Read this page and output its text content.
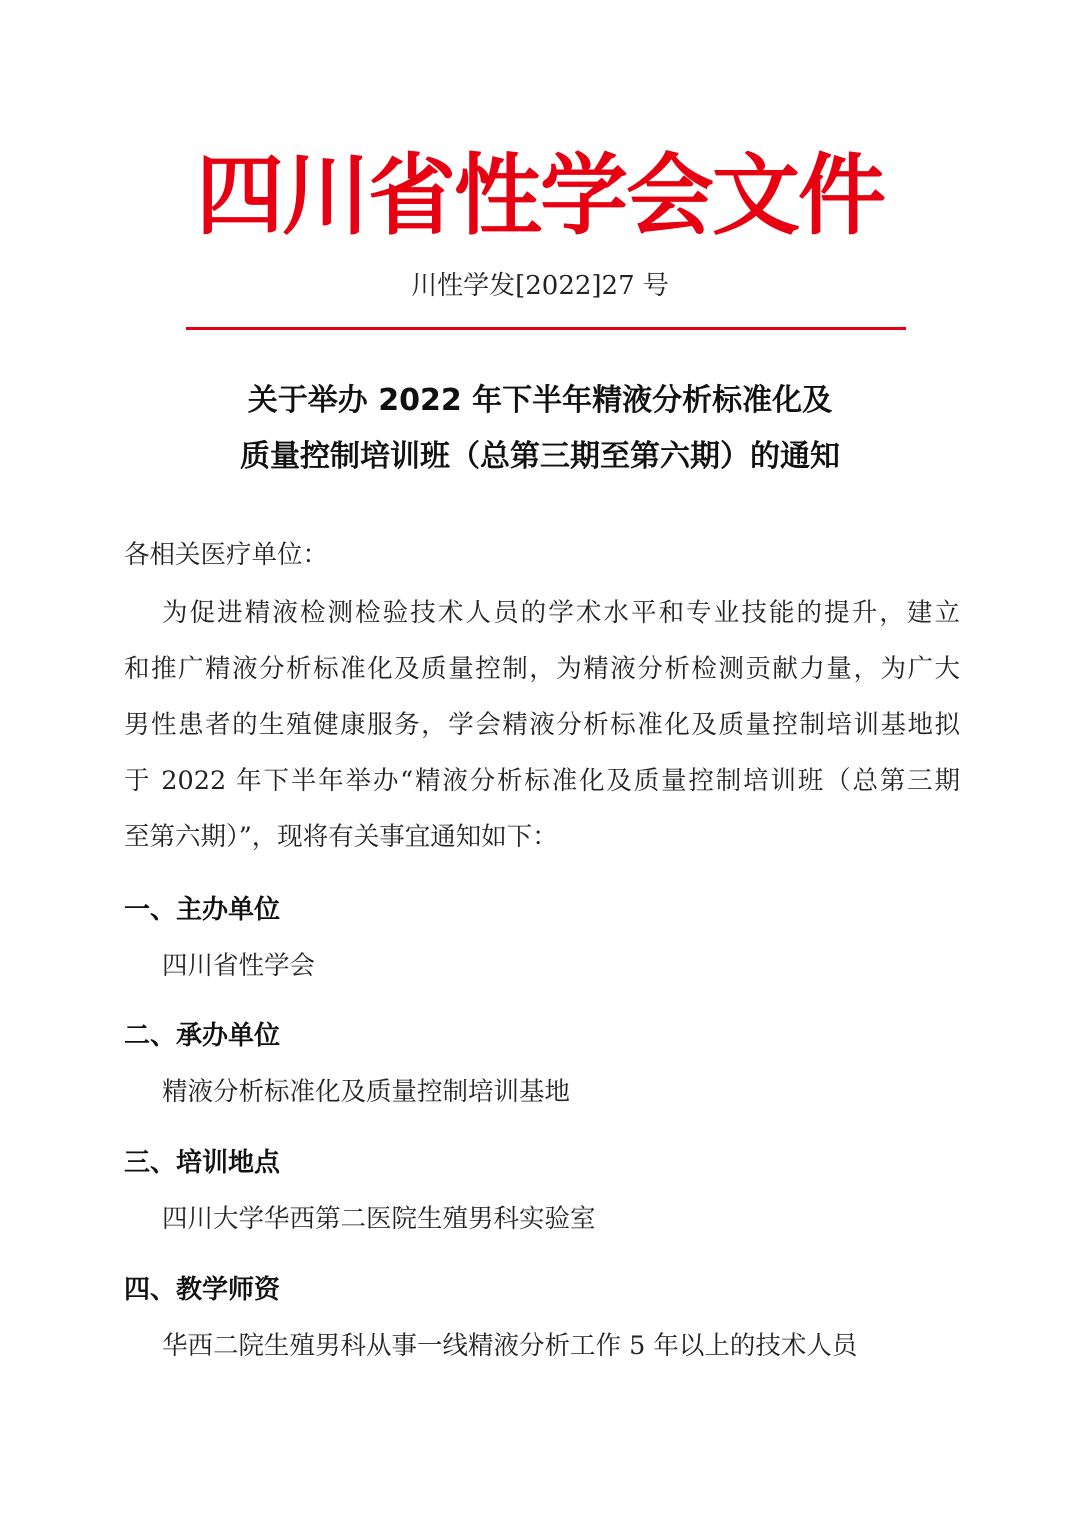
四川省性学会文件
川性学发[2022]27 号
关于举办 2022 年下半年精液分析标准化及
质量控制培训班（总第三期至第六期）的通知
各相关医疗单位：
为促进精液检测检验技术人员的学术水平和专业技能的提升，建立
和推广精液分析标准化及质量控制，为精液分析检测贡献力量，为广大
男性患者的生殖健康服务，学会精液分析标准化及质量控制培训基地拟
于 2022 年下半年举办“精液分析标准化及质量控制培训班（总第三期
至第六期）”，现将有关事宜通知如下：
一、主办单位
四川省性学会
二、承办单位
精液分析标准化及质量控制培训基地
三、培训地点
四川大学华西第二医院生殖男科实验室
四、教学师资
华西二院生殖男科从事一线精液分析工作 5 年以上的技术人员
